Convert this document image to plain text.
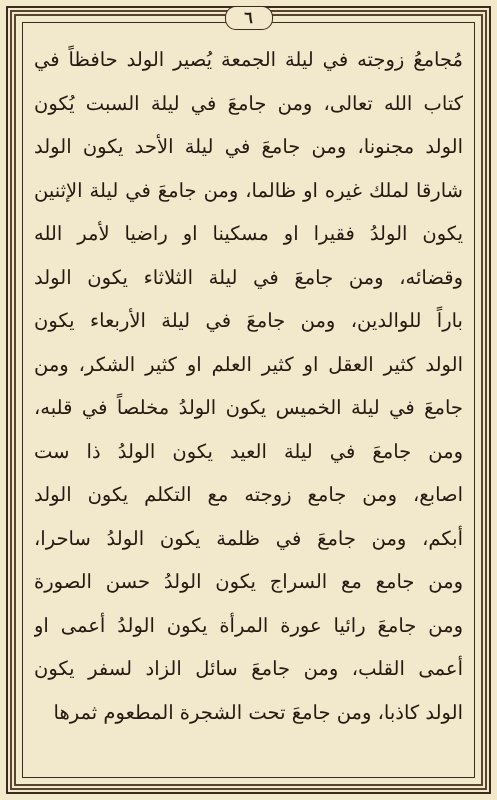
٦
مُجامعُ زوجته في ليلة الجمعة يُصير الولد حافظاً في
كتاب الله تعالى، ومن جامعَ في ليلة السبت يُكون
الولد مجنونا، ومن جامعَ في ليلة الأحد يكون الولد
شارقا لملك غيره او ظالما، ومن جامعَ في ليلة الإثنين
يكون الولدُ فقيرا او مسكينا او راضيا لأمر الله
وقضائه، ومن جامعَ في ليلة الثلاثاء يكون الولد
باراً للوالدين، ومن جامعَ في ليلة الأربعاء يكون
الولد كثير العقل او كثير العلم او كثير الشكر، ومن
جامعَ في ليلة الخميس يكون الولدُ مخلصاً في قلبه،
ومن جامعَ في ليلة العيد يكون الولدُ ذا ست
اصابع، ومن جامع زوجته مع التكلم يكون الولد
أبكم، ومن جامعَ في ظلمة يكون الولدُ ساحرا،
ومن جامع مع السراج يكون الولدُ حسن الصورة
ومن جامعَ رائيا عورة المرأة يكون الولدُ أعمى او
أعمى القلب، ومن جامعَ سائل الزاد لسفر يكون
الولد كاذبا، ومن جامعَ تحت الشجرة المطعوم ثمرها
